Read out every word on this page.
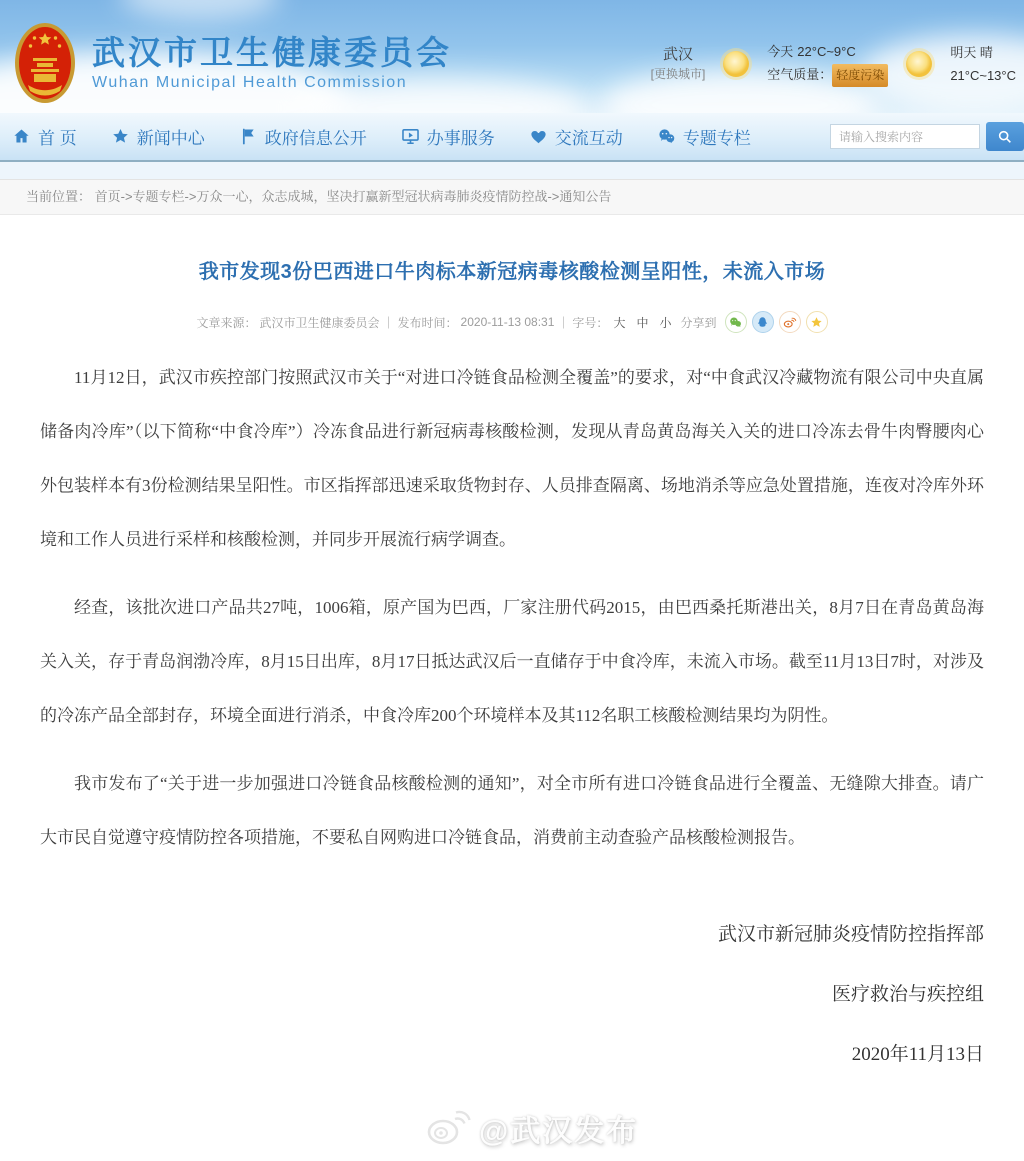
武汉市卫生健康委员会
Wuhan Municipal Health Commission
武汉
[更换城市]
今天 22°C~9°C
空气质量： 轻度污染
明天 晴
21°C~13°C
首 页	新闻中心	政府信息公开	办事服务	交流互动	专题专栏
请输入搜索内容
当前位置： 首页->专题专栏->万众一心，众志成城，坚决打赢新型冠状病毒肺炎疫情防控战->通知公告
我市发现3份巴西进口牛肉标本新冠病毒核酸检测呈阳性，未流入市场
文章来源： 武汉市卫生健康委员会 ｜ 发布时间： 2020-11-13 08:31 ｜ 字号： 大 中 小 分享到

11月12日，武汉市疾控部门按照武汉市关于“对进口冷链食品检测全覆盖”的要求，对“中食武汉冷藏物流有限公司中央直属储备肉冷库”（以下简称“中食冷库”）冷冻食品进行新冠病毒核酸检测，发现从青岛黄岛海关入关的进口冷冻去骨牛肉臀腰肉心外包装样本有3份检测结果呈阳性。市区指挥部迅速采取货物封存、人员排查隔离、场地消杀等应急处置措施，连夜对冷库外环境和工作人员进行采样和核酸检测，并同步开展流行病学调查。

经查，该批次进口产品共27吨，1006箱，原产国为巴西，厂家注册代码2015，由巴西桑托斯港出关，8月7日在青岛黄岛海关入关，存于青岛润渤冷库，8月15日出库，8月17日抵达武汉后一直储存于中食冷库，未流入市场。截至11月13日7时，对涉及的冷冻产品全部封存，环境全面进行消杀，中食冷库200个环境样本及其112名职工核酸检测结果均为阴性。

我市发布了“关于进一步加强进口冷链食品核酸检测的通知”，对全市所有进口冷链食品进行全覆盖、无缝隙大排查。请广大市民自觉遵守疫情防控各项措施，不要私自网购进口冷链食品，消费前主动查验产品核酸检测报告。

武汉市新冠肺炎疫情防控指挥部
医疗救治与疾控组
2020年11月13日
@武汉发布
